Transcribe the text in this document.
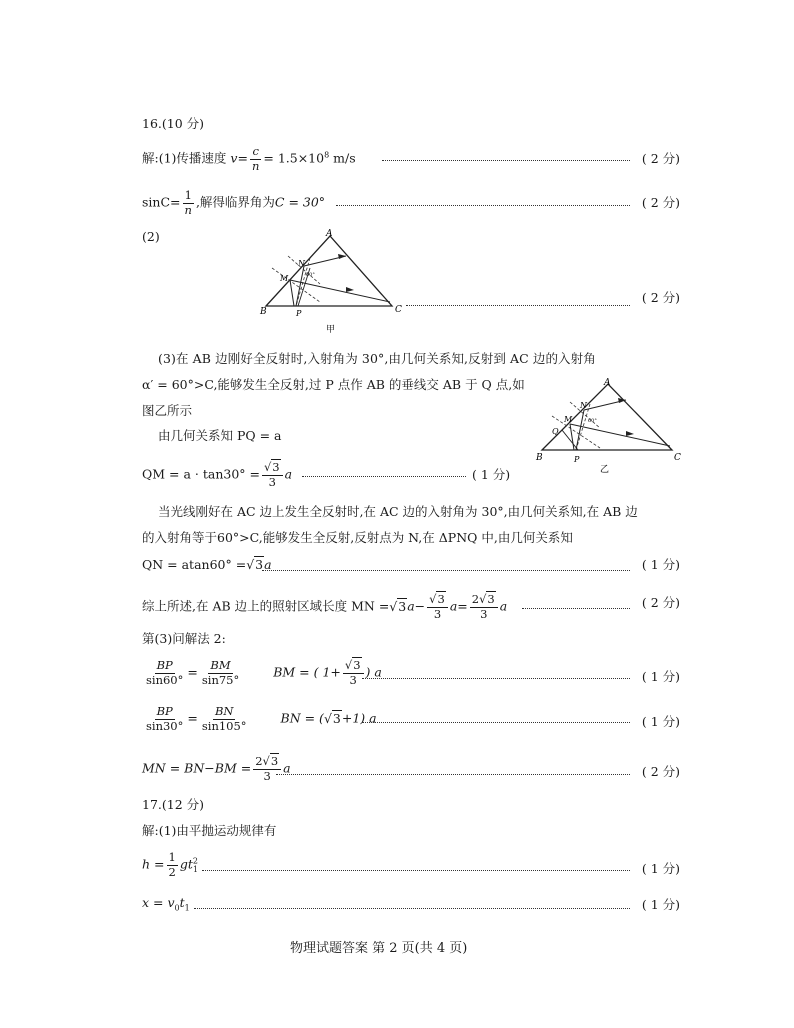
16.(10 分)
解:(1)传播速度 $v= \frac{c}{n} = 1.5\times 10^8$ m/s	( 2 分)
$\sin C= \frac{1}{n}$ ,解得临界角为C = 30°	( 2 分)
(2)
B
A
C
M
N
P
60°
甲
( 2 分)
(3)在 AB 边刚好全反射时,入射角为 30°,由几何关系知,反射到 AC 边的入射角
α′ = 60°>C,能够发生全反射,过 P 点作 AB 的垂线交 AB 于 Q 点,如
图乙所示
由几何关系知 PQ = a
B
A
C
Q
M
N
P
60°
乙
QM = a · tan30° = √ $\frac{3}{3}$ a	( 1 分)
当光线刚好在 AC 边上发生全反射时,在 AC 边的入射角为 30°,由几何关系知,在 AB 边
的入射角等于60°>C,能够发生全反射,反射点为 N,在 ΔPNQ 中,由几何关系知
QN = atan60° = √ 3a	( 1 分)
综上所述,在 AB 边上的照射区域长度 MN = √ 3a− √ $\frac{3}{3} a= \frac{2 √ 3}{3}$ a	( 2 分)
第(3)问解法 2:
$\frac{BP}{\sin 60^\circ} = \frac{BM}{\sin 75^\circ}$	BM = ( 1+ √ $\frac{3}{3}$ ) a	( 1 分)
$\frac{BP}{\sin 30^\circ} = \frac{BN}{\sin 105^\circ}$	BN = ( √ 3+1) a	( 1 分)
MN = $BN-BM = \frac{2 √ 3}{3}$ a	( 2 分)
17.(12 分)
解:(1)由平抛运动规律有
$h = \frac{1}{2} gt^2_1$	( 1 分)
$x = v_0t_1$	( 1 分)
物理试题答案 第 2 页(共 4 页)
